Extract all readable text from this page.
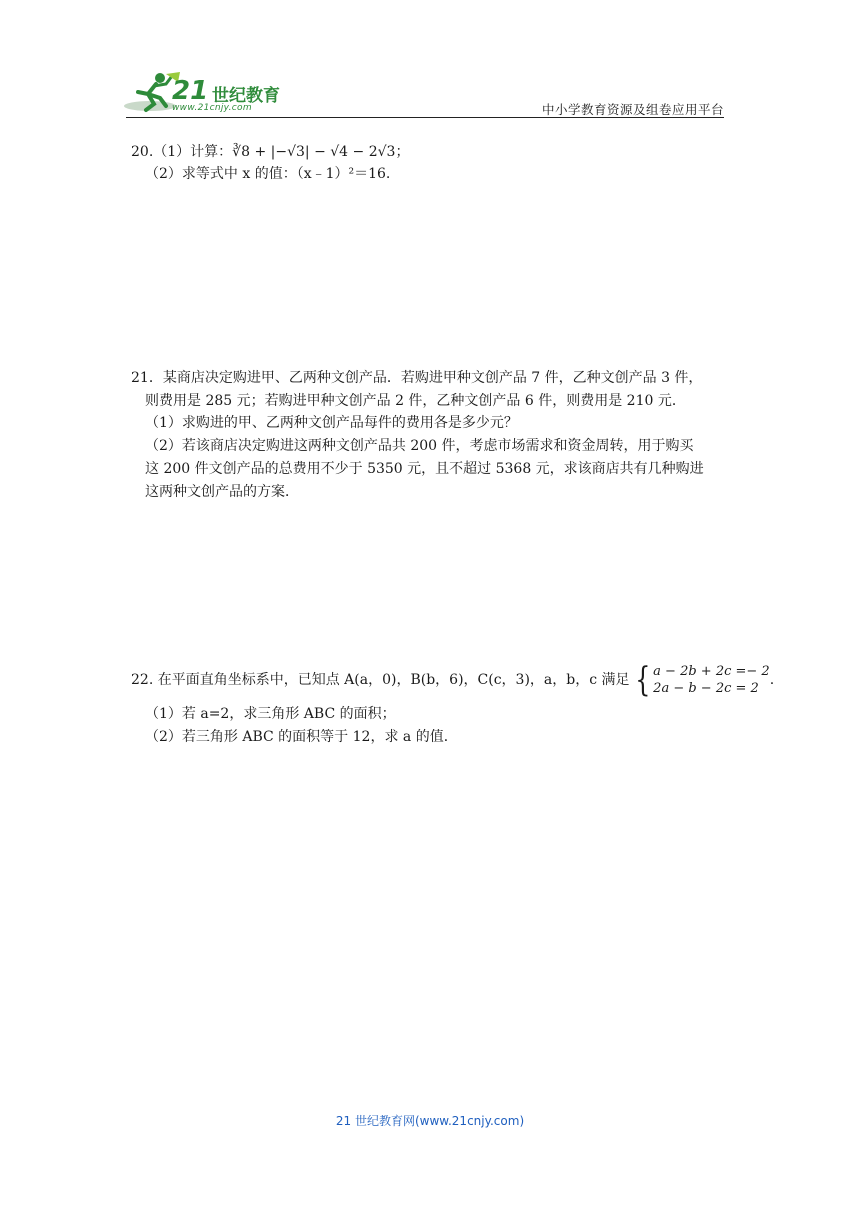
21 世纪教育
www.21cnjy.com	中小学教育资源及组卷应用平台
20.（1）计算：∛8 + |−√3| − √4 − 2√3；
（2）求等式中 x 的值：（x﹣1）²＝16.
21．某商店决定购进甲、乙两种文创产品．若购进甲种文创产品 7 件，乙种文创产品 3 件，
则费用是 285 元；若购进甲种文创产品 2 件，乙种文创产品 6 件，则费用是 210 元．
（1）求购进的甲、乙两种文创产品每件的费用各是多少元？
（2）若该商店决定购进这两种文创产品共 200 件，考虑市场需求和资金周转，用于购买
这 200 件文创产品的总费用不少于 5350 元，且不超过 5368 元，求该商店共有几种购进
这两种文创产品的方案．
22. 在平面直角坐标系中，已知点 A(a，0)，B(b，6)，C(c，3)，a，b，c 满足 { a − 2b + 2c =− 2
2a − b − 2c = 2.
（1）若 a=2，求三角形 ABC 的面积；
（2）若三角形 ABC 的面积等于 12，求 a 的值．
21 世纪教育网(www.21cnjy.com)
